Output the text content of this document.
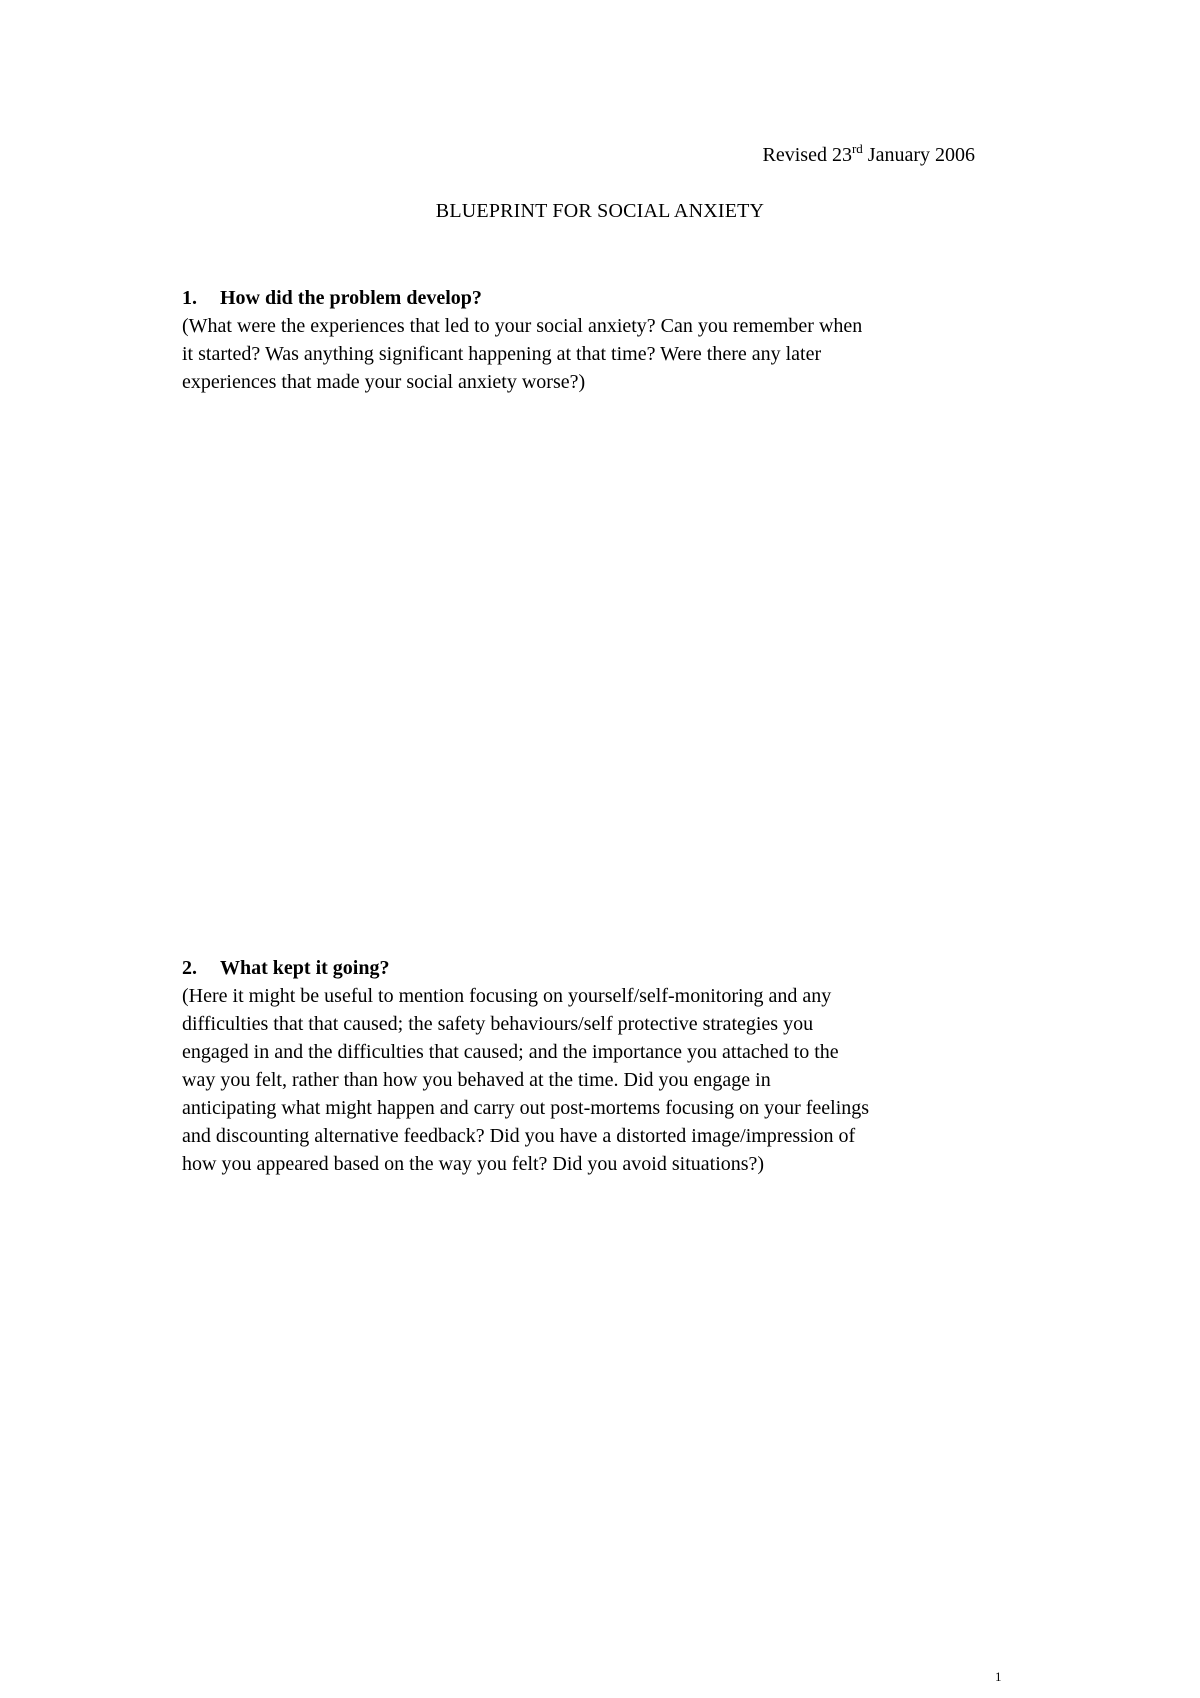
Revised 23rd January 2006
BLUEPRINT FOR SOCIAL ANXIETY
1. How did the problem develop?

(What were the experiences that led to your social anxiety? Can you remember when

it started? Was anything significant happening at that time? Were there any later

experiences that made your social anxiety worse?)

2. What kept it going?

(Here it might be useful to mention focusing on yourself/self-monitoring and any

difficulties that that caused; the safety behaviours/self protective strategies you

engaged in and the difficulties that caused; and the importance you attached to the

way you felt, rather than how you behaved at the time. Did you engage in

anticipating what might happen and carry out post-mortems focusing on your feelings

and discounting alternative feedback? Did you have a distorted image/impression of

how you appeared based on the way you felt? Did you avoid situations?)

1
